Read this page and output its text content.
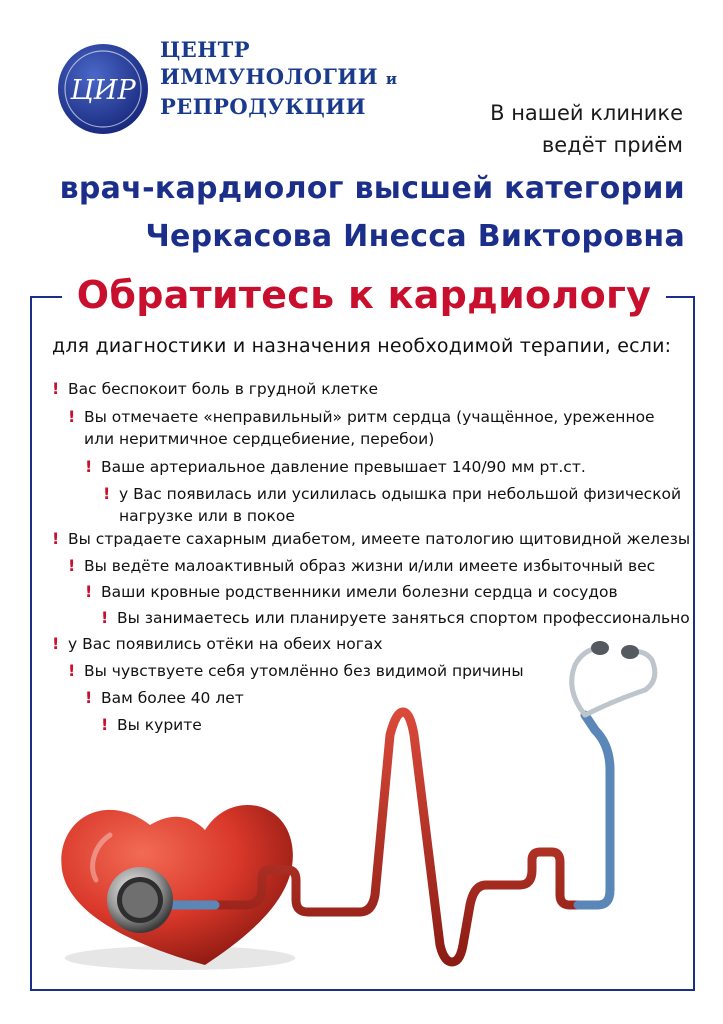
ЦИР
ЦЕНТР
ИММУНОЛОГИИ и
РЕПРОДУКЦИИ	В нашей клинике
ведёт приём
врач-кардиолог высшей категории
Черкасова Инесса Викторовна
Обратитесь к кардиологу
для диагностики и назначения необходимой терапии, если:
! Вас беспокоит боль в грудной клетке
! Вы отмечаете «неправильный» ритм сердца (учащённое, уреженное
или неритмичное сердцебиение, перебои)
! Ваше артериальное давление превышает 140/90 мм рт.ст.
! у Вас появилась или усилилась одышка при небольшой физической
нагрузке или в покое
! Вы страдаете сахарным диабетом, имеете патологию щитовидной железы
! Вы ведёте малоактивный образ жизни и/или имеете избыточный вес
! Ваши кровные родственники имели болезни сердца и сосудов
! Вы занимаетесь или планируете заняться спортом профессионально
! у Вас появились отёки на обеих ногах
! Вы чувствуете себя утомлённо без видимой причины
! Вам более 40 лет
! Вы курите
